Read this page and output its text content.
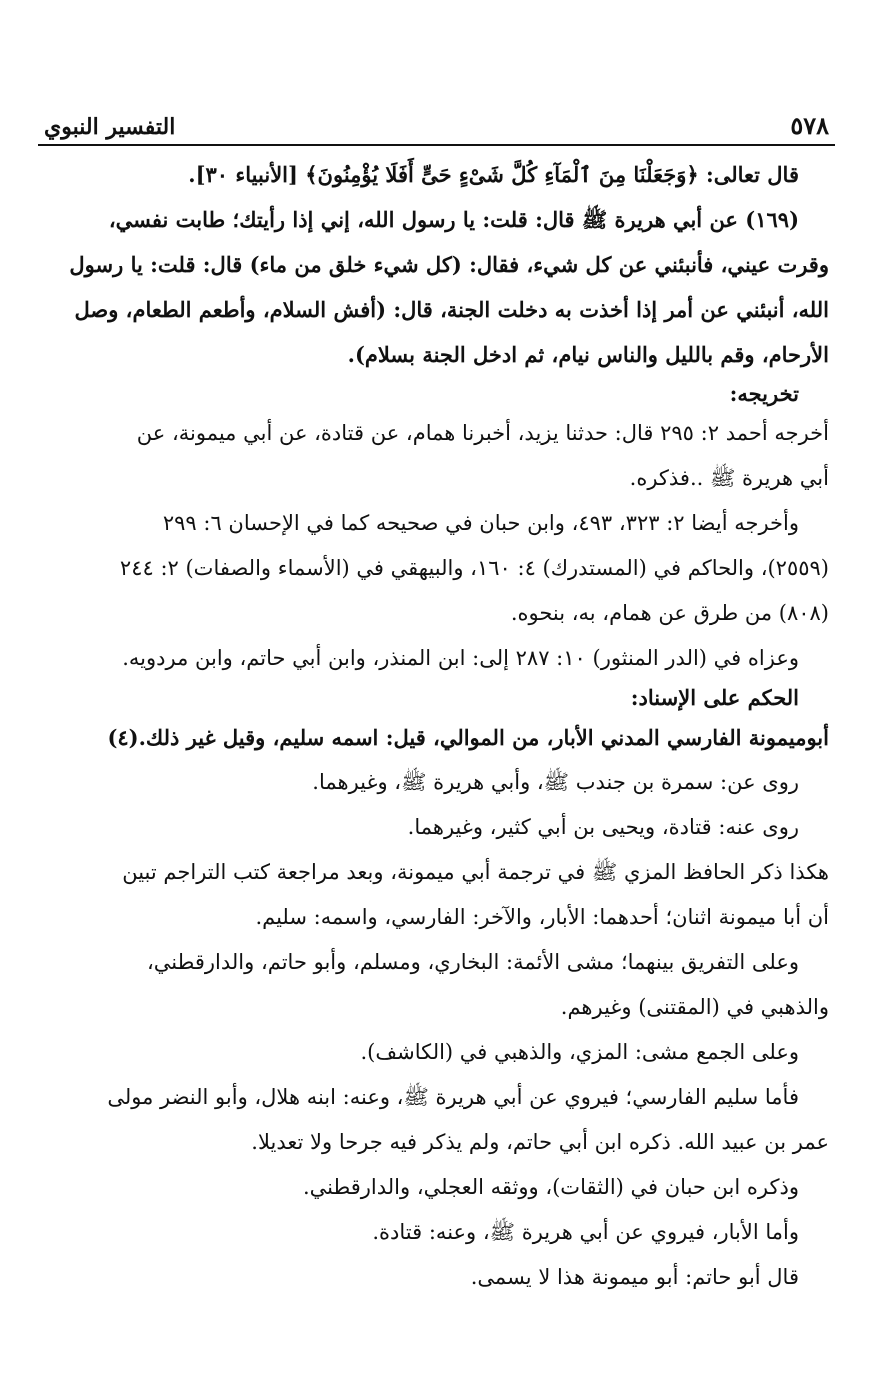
٥٧٨
التفسير النبوي
قال تعالى: ﴿وَجَعَلْنَا مِنَ ٱلْمَآءِ كُلَّ شَىْءٍ حَىٍّ أَفَلَا يُؤْمِنُونَ﴾ [الأنبياء ٣٠].
(١٦٩) عن أبي هريرة ﷺ قال: قلت: يا رسول الله، إني إذا رأيتك؛ طابت نفسي،
وقرت عيني، فأنبئني عن كل شيء، فقال: (كل شيء خلق من ماء) قال: قلت: يا رسول
الله، أنبئني عن أمر إذا أخذت به دخلت الجنة، قال: (أفش السلام، وأطعم الطعام، وصل
الأرحام، وقم بالليل والناس نيام، ثم ادخل الجنة بسلام).
تخريجه:
أخرجه أحمد ٢: ٢٩٥ قال: حدثنا يزيد، أخبرنا همام، عن قتادة، عن أبي ميمونة، عن
أبي هريرة ﷺ ..فذكره.
وأخرجه أيضا ٢: ٣٢٣، ٤٩٣، وابن حبان في صحيحه كما في الإحسان ٦: ٢٩٩
(٢٥٥٩)، والحاكم في (المستدرك) ٤: ١٦٠، والبيهقي في (الأسماء والصفات) ٢: ٢٤٤
(٨٠٨) من طرق عن همام، به، بنحوه.
وعزاه في (الدر المنثور) ١٠: ٢٨٧ إلى: ابن المنذر، وابن أبي حاتم، وابن مردويه.
الحكم على الإسناد:
أبوميمونة الفارسي المدني الأبار، من الموالي، قيل: اسمه سليم، وقيل غير ذلك.(٤)
روى عن: سمرة بن جندب ﷺ، وأبي هريرة ﷺ، وغيرهما.
روى عنه: قتادة، ويحيى بن أبي كثير، وغيرهما.
هكذا ذكر الحافظ المزي ﷺ في ترجمة أبي ميمونة، وبعد مراجعة كتب التراجم تبين
أن أبا ميمونة اثنان؛ أحدهما: الأبار، والآخر: الفارسي، واسمه: سليم.
وعلى التفريق بينهما؛ مشى الأئمة: البخاري، ومسلم، وأبو حاتم، والدارقطني،
والذهبي في (المقتنى) وغيرهم.
وعلى الجمع مشى: المزي، والذهبي في (الكاشف).
فأما سليم الفارسي؛ فيروي عن أبي هريرة ﷺ، وعنه: ابنه هلال، وأبو النضر مولى
عمر بن عبيد الله. ذكره ابن أبي حاتم، ولم يذكر فيه جرحا ولا تعديلا.
وذكره ابن حبان في (الثقات)، ووثقه العجلي، والدارقطني.
وأما الأبار، فيروي عن أبي هريرة ﷺ، وعنه: قتادة.
قال أبو حاتم: أبو ميمونة هذا لا يسمى.
